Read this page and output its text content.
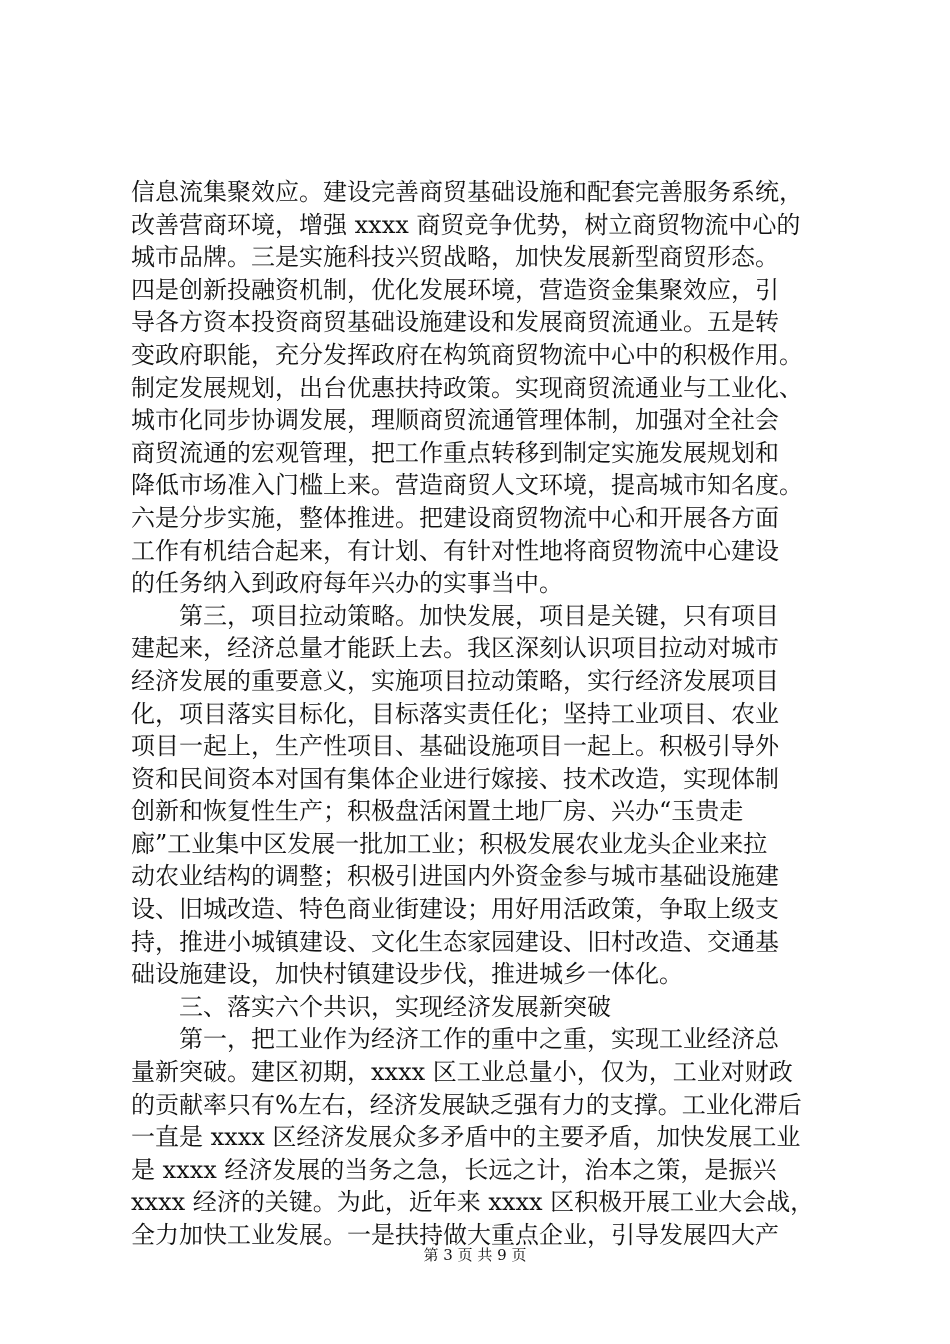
信息流集聚效应。建设完善商贸基础设施和配套完善服务系统，
改善营商环境，增强 xxxx 商贸竞争优势，树立商贸物流中心的
城市品牌。三是实施科技兴贸战略，加快发展新型商贸形态。
四是创新投融资机制，优化发展环境，营造资金集聚效应，引
导各方资本投资商贸基础设施建设和发展商贸流通业。五是转
变政府职能，充分发挥政府在构筑商贸物流中心中的积极作用。
制定发展规划，出台优惠扶持政策。实现商贸流通业与工业化、
城市化同步协调发展，理顺商贸流通管理体制，加强对全社会
商贸流通的宏观管理，把工作重点转移到制定实施发展规划和
降低市场准入门槛上来。营造商贸人文环境，提高城市知名度。
六是分步实施，整体推进。把建设商贸物流中心和开展各方面
工作有机结合起来，有计划、有针对性地将商贸物流中心建设
的任务纳入到政府每年兴办的实事当中。
　　第三，项目拉动策略。加快发展，项目是关键，只有项目
建起来，经济总量才能跃上去。我区深刻认识项目拉动对城市
经济发展的重要意义，实施项目拉动策略，实行经济发展项目
化，项目落实目标化，目标落实责任化；坚持工业项目、农业
项目一起上，生产性项目、基础设施项目一起上。积极引导外
资和民间资本对国有集体企业进行嫁接、技术改造，实现体制
创新和恢复性生产；积极盘活闲置土地厂房、兴办“玉贵走
廊”工业集中区发展一批加工业；积极发展农业龙头企业来拉
动农业结构的调整；积极引进国内外资金参与城市基础设施建
设、旧城改造、特色商业街建设；用好用活政策，争取上级支
持，推进小城镇建设、文化生态家园建设、旧村改造、交通基
础设施建设，加快村镇建设步伐，推进城乡一体化。
　　三、落实六个共识，实现经济发展新突破
　　第一，把工业作为经济工作的重中之重，实现工业经济总
量新突破。建区初期，xxxx 区工业总量小，仅为，工业对财政
的贡献率只有%左右，经济发展缺乏强有力的支撑。工业化滞后
一直是 xxxx 区经济发展众多矛盾中的主要矛盾，加快发展工业
是 xxxx 经济发展的当务之急，长远之计，治本之策，是振兴
xxxx 经济的关键。为此，近年来 xxxx 区积极开展工业大会战，
全力加快工业发展。一是扶持做大重点企业，引导发展四大产
第 3 页 共 9 页
